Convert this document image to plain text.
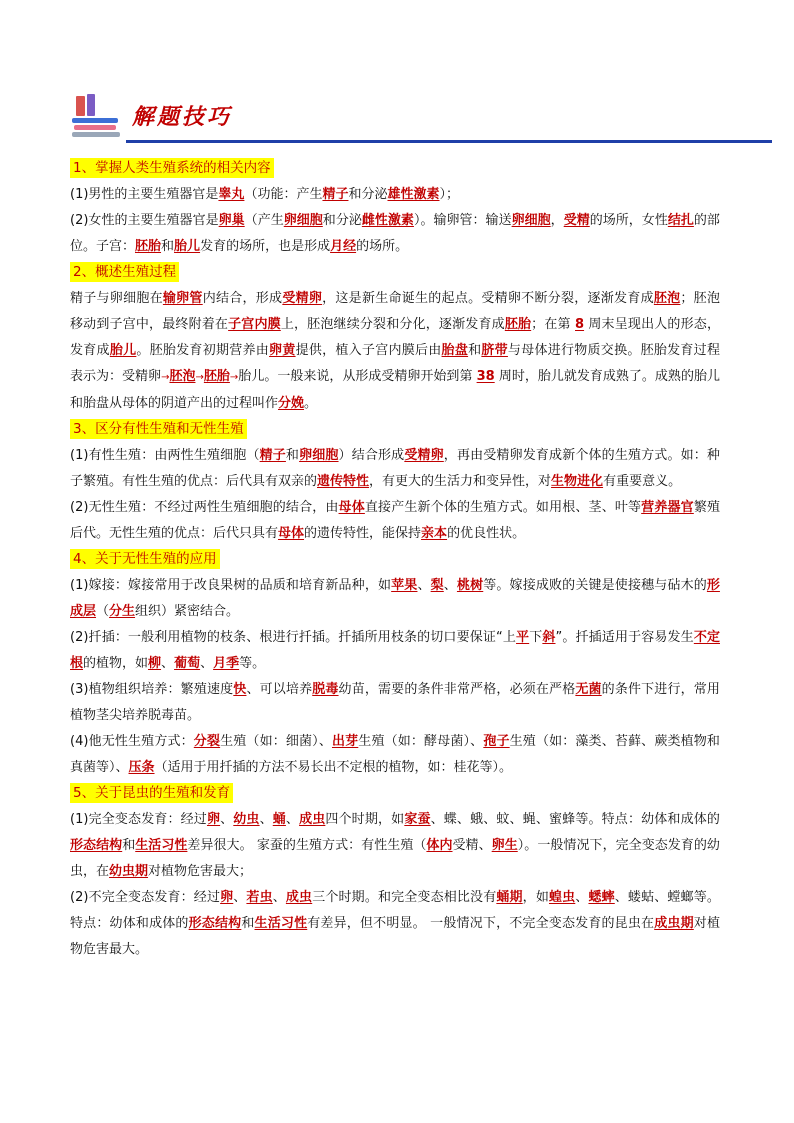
解题技巧
1、掌握人类生殖系统的相关内容

(1)男性的主要生殖器官是睾丸（功能：产生精子和分泌雄性激素）；

(2)女性的主要生殖器官是卵巢（产生卵细胞和分泌雌性激素）。输卵管：输送卵细胞，受精的场所，女性结扎的部位。子宫：胚胎和胎儿发育的场所，也是形成月经的场所。

2、概述生殖过程

精子与卵细胞在输卵管内结合，形成受精卵，这是新生命诞生的起点。受精卵不断分裂，逐渐发育成胚泡；胚泡移动到子宫中，最终附着在子宫内膜上，胚泡继续分裂和分化，逐渐发育成胚胎；在第 8 周末呈现出人的形态，发育成胎儿。胚胎发育初期营养由卵黄提供，植入子宫内膜后由胎盘和脐带与母体进行物质交换。胚胎发育过程表示为：受精卵→胚泡→胚胎→胎儿。一般来说，从形成受精卵开始到第 38 周时，胎儿就发育成熟了。成熟的胎儿和胎盘从母体的阴道产出的过程叫作分娩。

3、区分有性生殖和无性生殖

(1)有性生殖：由两性生殖细胞（精子和卵细胞）结合形成受精卵，再由受精卵发育成新个体的生殖方式。如：种子繁殖。有性生殖的优点：后代具有双亲的遗传特性，有更大的生活力和变异性，对生物进化有重要意义。

(2)无性生殖：不经过两性生殖细胞的结合，由母体直接产生新个体的生殖方式。如用根、茎、叶等营养器官繁殖后代。无性生殖的优点：后代只具有母体的遗传特性，能保持亲本的优良性状。

4、关于无性生殖的应用

(1)嫁接：嫁接常用于改良果树的品质和培育新品种，如苹果、梨、桃树等。嫁接成败的关键是使接穗与砧木的形成层（分生组织）紧密结合。

(2)扦插：一般利用植物的枝条、根进行扦插。扦插所用枝条的切口要保证“上平下斜”。扦插适用于容易发生不定根的植物，如柳、葡萄、月季等。

(3)植物组织培养：繁殖速度快、可以培养脱毒幼苗，需要的条件非常严格，必须在严格无菌的条件下进行，常用植物茎尖培养脱毒苗。

(4)他无性生殖方式：分裂生殖（如：细菌）、出芽生殖（如：酵母菌）、孢子生殖（如：藻类、苔藓、蕨类植物和真菌等）、压条（适用于用扦插的方法不易长出不定根的植物，如：桂花等）。

5、关于昆虫的生殖和发育

(1)完全变态发育：经过卵、幼虫、蛹、成虫四个时期，如家蚕、蝶、蛾、蚊、蝇、蜜蜂等。特点：幼体和成体的形态结构和生活习性差异很大。 家蚕的生殖方式：有性生殖（体内受精、卵生）。一般情况下，完全变态发育的幼虫，在幼虫期对植物危害最大；

(2)不完全变态发育：经过卵、若虫、成虫三个时期。和完全变态相比没有蛹期，如蝗虫、蟋蟀、蝼蛄、螳螂等。特点：幼体和成体的形态结构和生活习性有差异，但不明显。 一般情况下，不完全变态发育的昆虫在成虫期对植物危害最大。
